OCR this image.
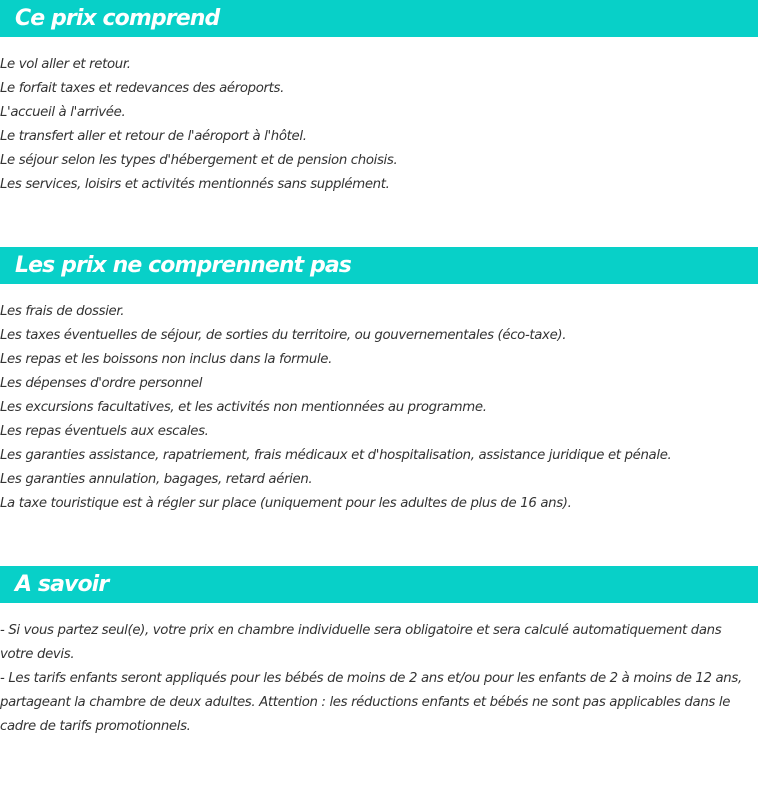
Ce prix comprend
Le vol aller et retour.
Le forfait taxes et redevances des aéroports.
L'accueil à l'arrivée.
Le transfert aller et retour de l'aéroport à l'hôtel.
Le séjour selon les types d'hébergement et de pension choisis.
Les services, loisirs et activités mentionnés sans supplément.
Les prix ne comprennent pas
Les frais de dossier.
Les taxes éventuelles de séjour, de sorties du territoire, ou gouvernementales (éco-taxe).
Les repas et les boissons non inclus dans la formule.
Les dépenses d'ordre personnel
Les excursions facultatives, et les activités non mentionnées au programme.
Les repas éventuels aux escales.
Les garanties assistance, rapatriement, frais médicaux et d'hospitalisation, assistance juridique et pénale.
Les garanties annulation, bagages, retard aérien.
La taxe touristique est à régler sur place (uniquement pour les adultes de plus de 16 ans).
A savoir

- Si vous partez seul(e), votre prix en chambre individuelle sera obligatoire et sera calculé automatiquement dans votre devis.

- Les tarifs enfants seront appliqués pour les bébés de moins de 2 ans et/ou pour les enfants de 2 à moins de 12 ans, partageant la chambre de deux adultes. Attention : les réductions enfants et bébés ne sont pas applicables dans le cadre de tarifs promotionnels.
